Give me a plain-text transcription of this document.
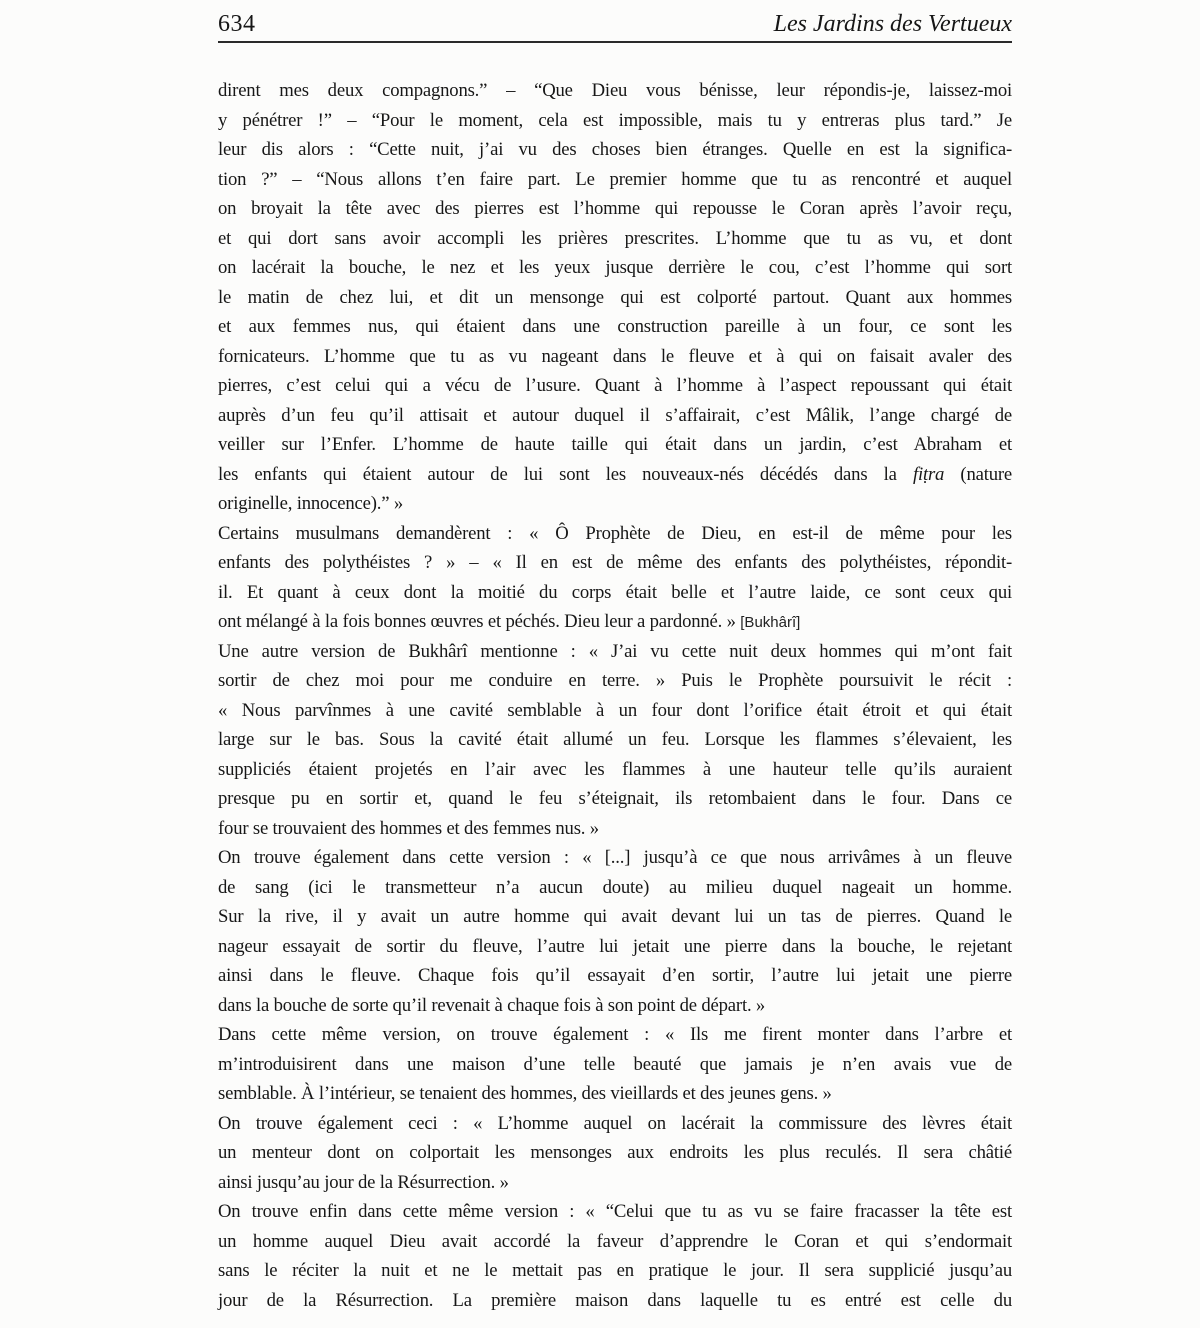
634	Les Jardins des Vertueux
dirent mes deux compagnons.” – “Que Dieu vous bénisse, leur répondis-je, laissez-moi
y pénétrer !” – “Pour le moment, cela est impossible, mais tu y entreras plus tard.” Je
leur dis alors : “Cette nuit, j’ai vu des choses bien étranges. Quelle en est la significa-
tion ?” – “Nous allons t’en faire part. Le premier homme que tu as rencontré et auquel
on broyait la tête avec des pierres est l’homme qui repousse le Coran après l’avoir reçu,
et qui dort sans avoir accompli les prières prescrites. L’homme que tu as vu, et dont
on lacérait la bouche, le nez et les yeux jusque derrière le cou, c’est l’homme qui sort
le matin de chez lui, et dit un mensonge qui est colporté partout. Quant aux hommes
et aux femmes nus, qui étaient dans une construction pareille à un four, ce sont les
fornicateurs. L’homme que tu as vu nageant dans le fleuve et à qui on faisait avaler des
pierres, c’est celui qui a vécu de l’usure. Quant à l’homme à l’aspect repoussant qui était
auprès d’un feu qu’il attisait et autour duquel il s’affairait, c’est Mâlik, l’ange chargé de
veiller sur l’Enfer. L’homme de haute taille qui était dans un jardin, c’est Abraham et
les enfants qui étaient autour de lui sont les nouveaux-nés décédés dans la fiṭra (nature
originelle, innocence).” »
Certains musulmans demandèrent : « Ô Prophète de Dieu, en est-il de même pour les
enfants des polythéistes ? » – « Il en est de même des enfants des polythéistes, répondit-
il. Et quant à ceux dont la moitié du corps était belle et l’autre laide, ce sont ceux qui
ont mélangé à la fois bonnes œuvres et péchés. Dieu leur a pardonné. » [Bukhârî]
Une autre version de Bukhârî mentionne : « J’ai vu cette nuit deux hommes qui m’ont fait
sortir de chez moi pour me conduire en terre. » Puis le Prophète poursuivit le récit :
« Nous parvînmes à une cavité semblable à un four dont l’orifice était étroit et qui était
large sur le bas. Sous la cavité était allumé un feu. Lorsque les flammes s’élevaient, les
suppliciés étaient projetés en l’air avec les flammes à une hauteur telle qu’ils auraient
presque pu en sortir et, quand le feu s’éteignait, ils retombaient dans le four. Dans ce
four se trouvaient des hommes et des femmes nus. »
On trouve également dans cette version : « [...] jusqu’à ce que nous arrivâmes à un fleuve
de sang (ici le transmetteur n’a aucun doute) au milieu duquel nageait un homme.
Sur la rive, il y avait un autre homme qui avait devant lui un tas de pierres. Quand le
nageur essayait de sortir du fleuve, l’autre lui jetait une pierre dans la bouche, le rejetant
ainsi dans le fleuve. Chaque fois qu’il essayait d’en sortir, l’autre lui jetait une pierre
dans la bouche de sorte qu’il revenait à chaque fois à son point de départ. »
Dans cette même version, on trouve également : « Ils me firent monter dans l’arbre et
m’introduisirent dans une maison d’une telle beauté que jamais je n’en avais vue de
semblable. À l’intérieur, se tenaient des hommes, des vieillards et des jeunes gens. »
On trouve également ceci : « L’homme auquel on lacérait la commissure des lèvres était
un menteur dont on colportait les mensonges aux endroits les plus reculés. Il sera châtié
ainsi jusqu’au jour de la Résurrection. »
On trouve enfin dans cette même version : « “Celui que tu as vu se faire fracasser la tête est
un homme auquel Dieu avait accordé la faveur d’apprendre le Coran et qui s’endormait
sans le réciter la nuit et ne le mettait pas en pratique le jour. Il sera supplicié jusqu’au
jour de la Résurrection. La première maison dans laquelle tu es entré est celle du
